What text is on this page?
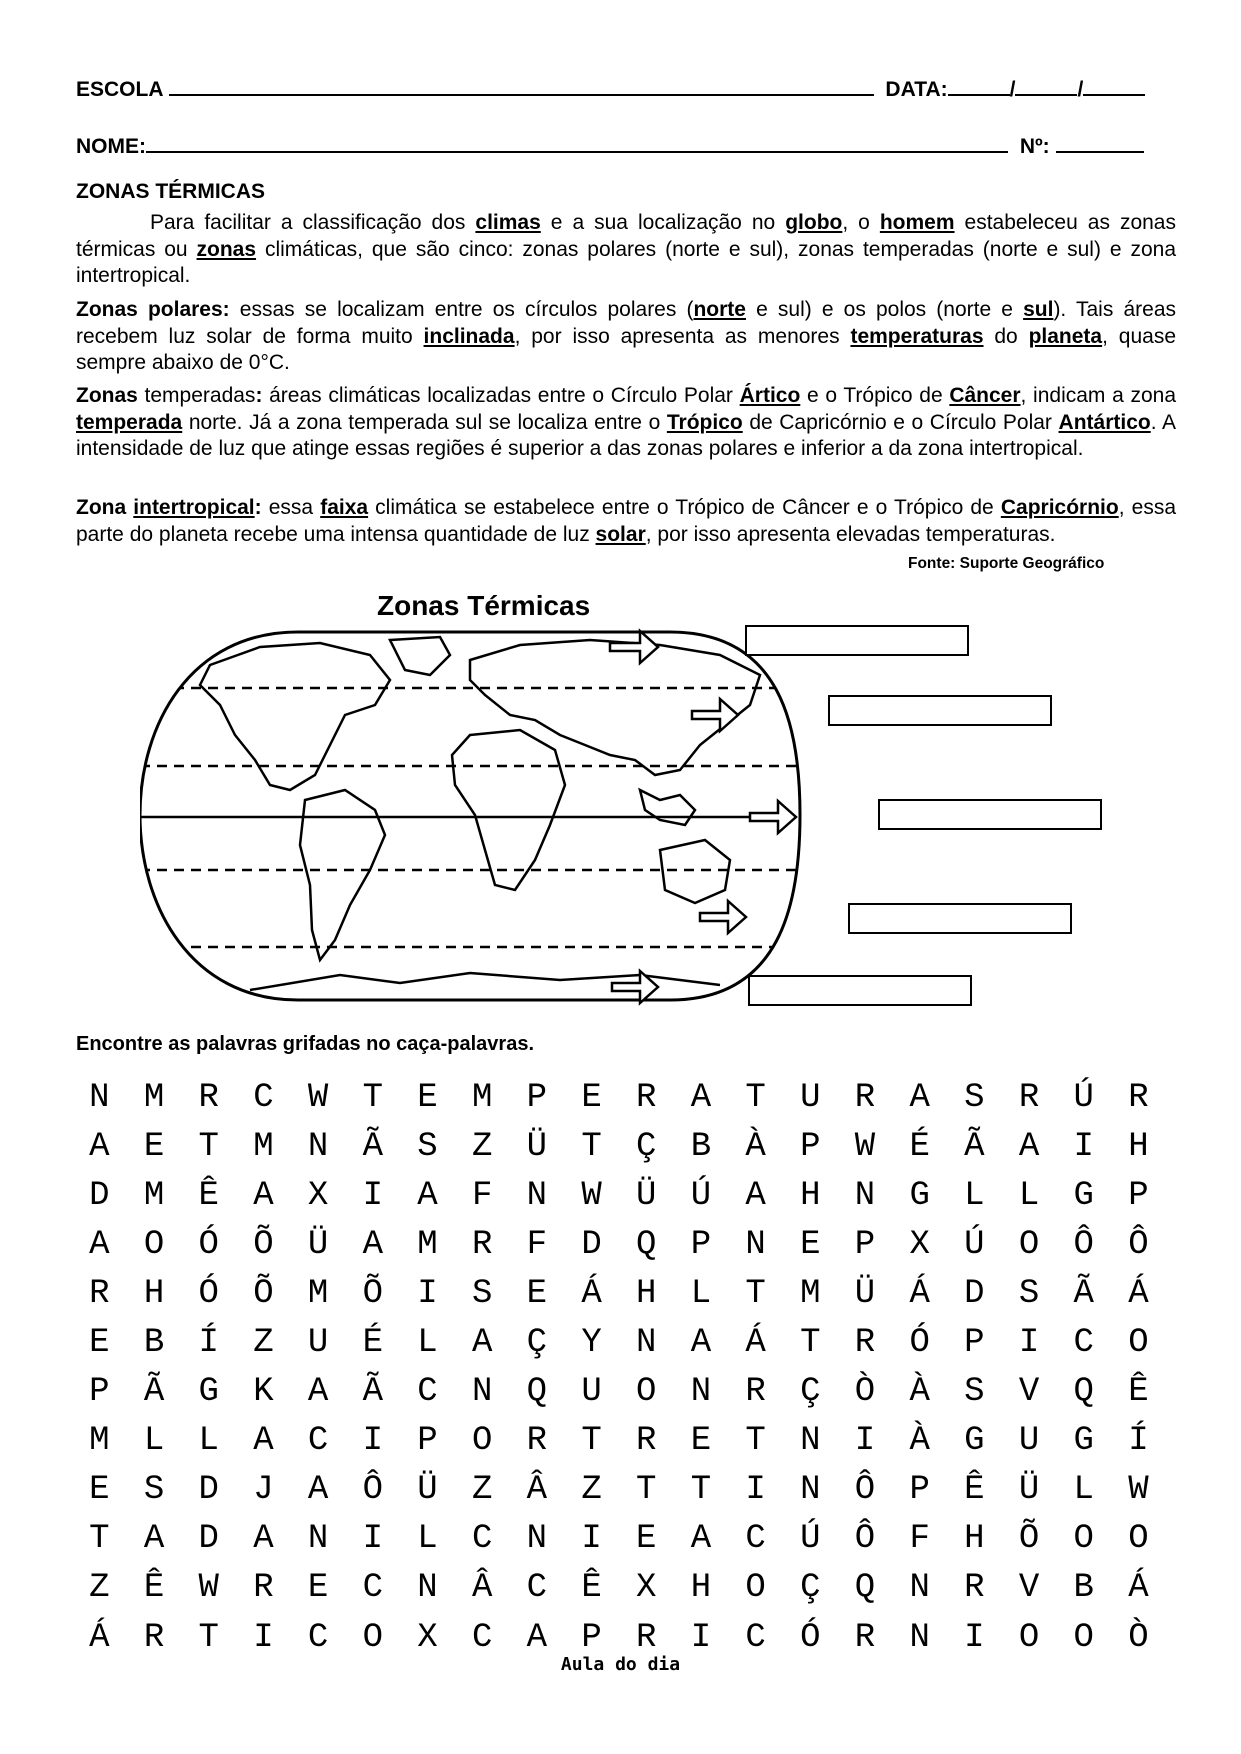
ESCOLA	DATA:	/	/
NOME:	Nº:
ZONAS TÉRMICAS

Para facilitar a classificação dos climas e a sua localização no globo, o homem estabeleceu as zonas térmicas ou zonas climáticas, que são cinco: zonas polares (norte e sul), zonas temperadas (norte e sul) e zona intertropical.

Zonas polares: essas se localizam entre os círculos polares (norte e sul) e os polos (norte e sul). Tais áreas recebem luz solar de forma muito inclinada, por isso apresenta as menores temperaturas do planeta, quase sempre abaixo de 0°C.

Zonas temperadas: áreas climáticas localizadas entre o Círculo Polar Ártico e o Trópico de Câncer, indicam a zona temperada norte. Já a zona temperada sul se localiza entre o Trópico de Capricórnio e o Círculo Polar Antártico. A intensidade de luz que atinge essas regiões é superior a das zonas polares e inferior a da zona intertropical.

Zona intertropical: essa faixa climática se estabelece entre o Trópico de Câncer e o Trópico de Capricórnio, essa parte do planeta recebe uma intensa quantidade de luz solar, por isso apresenta elevadas temperaturas.

Fonte: Suporte Geográfico
Zonas Térmicas
Encontre as palavras grifadas no caça-palavras.
N	M	R	C	W	T	E	M	P	E	R	A	T	U	R	A	S	R	Ú	R
A	E	T	M	N	Ã	S	Z	Ü	T	Ç	B	À	P	W	É	Ã	A	I	H
D	M	Ê	A	X	I	A	F	N	W	Ü	Ú	A	H	N	G	L	L	G	P
A	O	Ó	Õ	Ü	A	M	R	F	D	Q	P	N	E	P	X	Ú	O	Ô	Ô
R	H	Ó	Õ	M	Õ	I	S	E	Á	H	L	T	M	Ü	Á	D	S	Ã	Á
E	B	Í	Z	U	É	L	A	Ç	Y	N	A	Á	T	R	Ó	P	I	C	O
P	Ã	G	K	A	Ã	C	N	Q	U	O	N	R	Ç	Ò	À	S	V	Q	Ê
M	L	L	A	C	I	P	O	R	T	R	E	T	N	I	À	G	U	G	Í
E	S	D	J	A	Ô	Ü	Z	Â	Z	T	T	I	N	Ô	P	Ê	Ü	L	W
T	A	D	A	N	I	L	C	N	I	E	A	C	Ú	Ô	F	H	Õ	O	O
Z	Ê	W	R	E	C	N	Â	C	Ê	X	H	O	Ç	Q	N	R	V	B	Á
Á	R	T	I	C	O	X	C	A	P	R	I	C	Ó	R	N	I	O	O	Ò
Aula do dia
